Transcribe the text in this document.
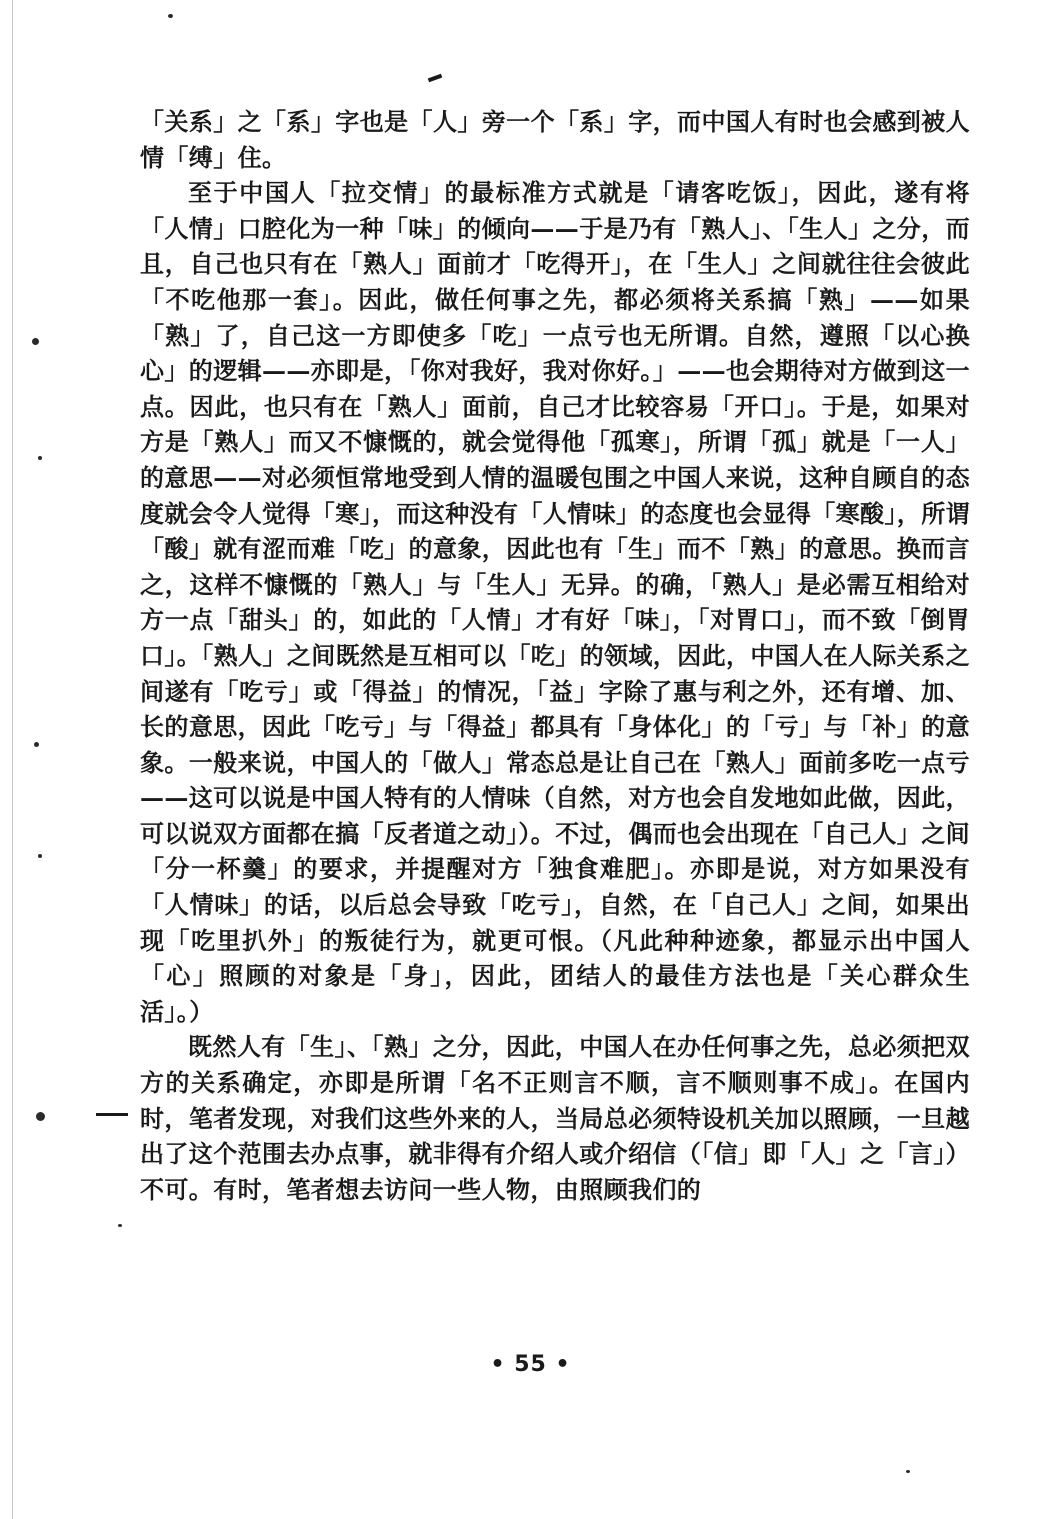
「关系」之「系」字也是「人」旁一个「系」字，而中国人有时也会感到被人情「缚」住。

至于中国人「拉交情」的最标准方式就是「请客吃饭」，因此，遂有将「人情」口腔化为一种「味」的倾向——于是乃有「熟人」、「生人」之分，而且，自己也只有在「熟人」面前才「吃得开」，在「生人」之间就往往会彼此「不吃他那一套」。因此，做任何事之先，都必须将关系搞「熟」——如果「熟」了，自己这一方即使多「吃」一点亏也无所谓。自然，遵照「以心换心」的逻辑——亦即是，「你对我好，我对你好。」——也会期待对方做到这一点。因此，也只有在「熟人」面前，自己才比较容易「开口」。于是，如果对方是「熟人」而又不慷慨的，就会觉得他「孤寒」，所谓「孤」就是「一人」的意思——对必须恒常地受到人情的温暖包围之中国人来说，这种自顾自的态度就会令人觉得「寒」，而这种没有「人情味」的态度也会显得「寒酸」，所谓「酸」就有涩而难「吃」的意象，因此也有「生」而不「熟」的意思。换而言之，这样不慷慨的「熟人」与「生人」无异。的确，「熟人」是必需互相给对方一点「甜头」的，如此的「人情」才有好「味」，「对胃口」，而不致「倒胃口」。「熟人」之间既然是互相可以「吃」的领域，因此，中国人在人际关系之间遂有「吃亏」或「得益」的情况，「益」字除了惠与利之外，还有增、加、长的意思，因此「吃亏」与「得益」都具有「身体化」的「亏」与「补」的意象。一般来说，中国人的「做人」常态总是让自己在「熟人」面前多吃一点亏——这可以说是中国人特有的人情味（自然，对方也会自发地如此做，因此，可以说双方面都在搞「反者道之动」）。不过，偶而也会出现在「自己人」之间「分一杯羹」的要求，并提醒对方「独食难肥」。亦即是说，对方如果没有「人情味」的话，以后总会导致「吃亏」，自然，在「自己人」之间，如果出现「吃里扒外」的叛徒行为，就更可恨。（凡此种种迹象，都显示出中国人「心」照顾的对象是「身」，因此，团结人的最佳方法也是「关心群众生活」。）

既然人有「生」、「熟」之分，因此，中国人在办任何事之先，总必须把双方的关系确定，亦即是所谓「名不正则言不顺，言不顺则事不成」。在国内时，笔者发现，对我们这些外来的人，当局总必须特设机关加以照顾，一旦越出了这个范围去办点事，就非得有介绍人或介绍信（「信」即「人」之「言」）不可。有时，笔者想去访问一些人物，由照顾我们的

• 55 •
